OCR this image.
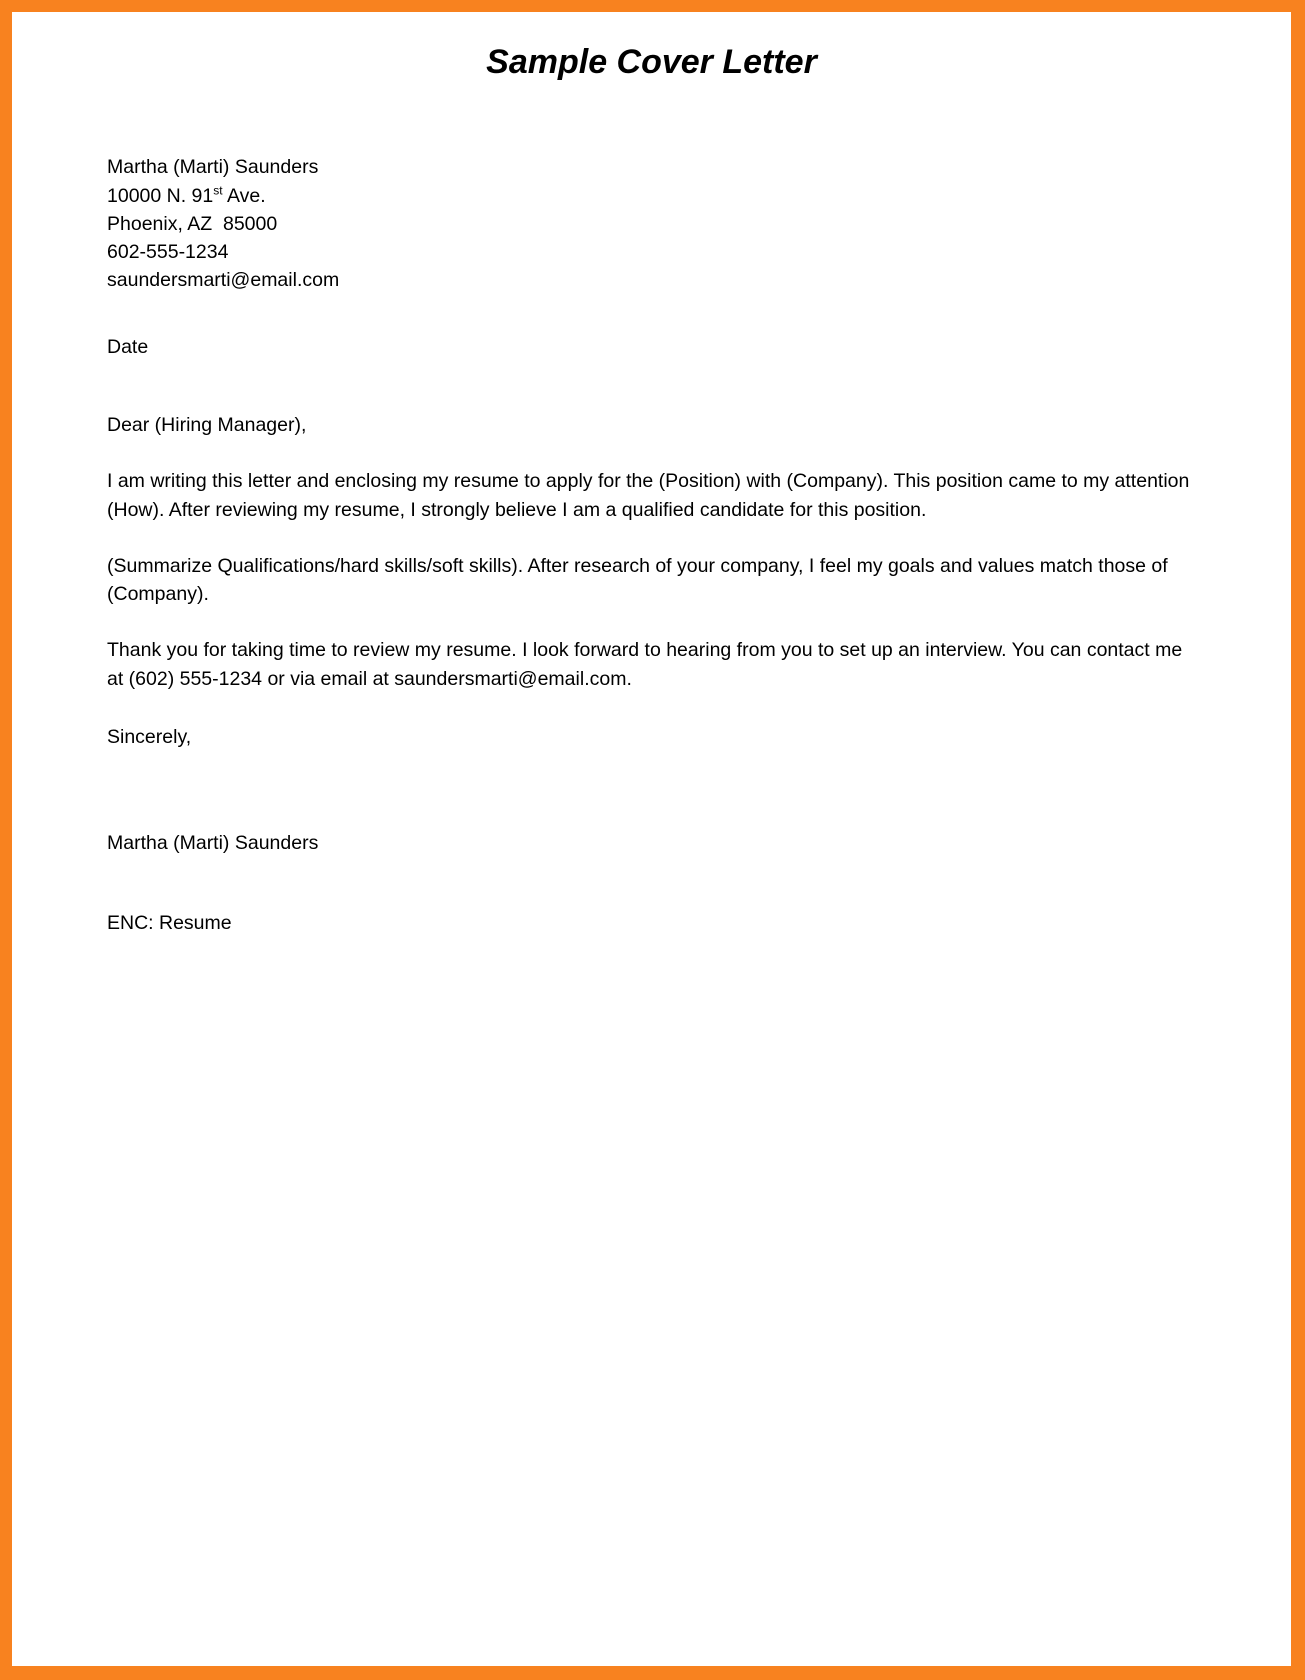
Sample Cover Letter
Martha (Marti) Saunders
10000 N. 91st Ave.
Phoenix, AZ  85000
602-555-1234
saundersmarti@email.com
Date
Dear (Hiring Manager),
I am writing this letter and enclosing my resume to apply for the (Position) with (Company). This position came to my attention (How). After reviewing my resume, I strongly believe I am a qualified candidate for this position.
(Summarize Qualifications/hard skills/soft skills). After research of your company, I feel my goals and values match those of (Company).
Thank you for taking time to review my resume. I look forward to hearing from you to set up an interview. You can contact me at (602) 555-1234 or via email at saundersmarti@email.com.
Sincerely,
Martha (Marti) Saunders
ENC: Resume
